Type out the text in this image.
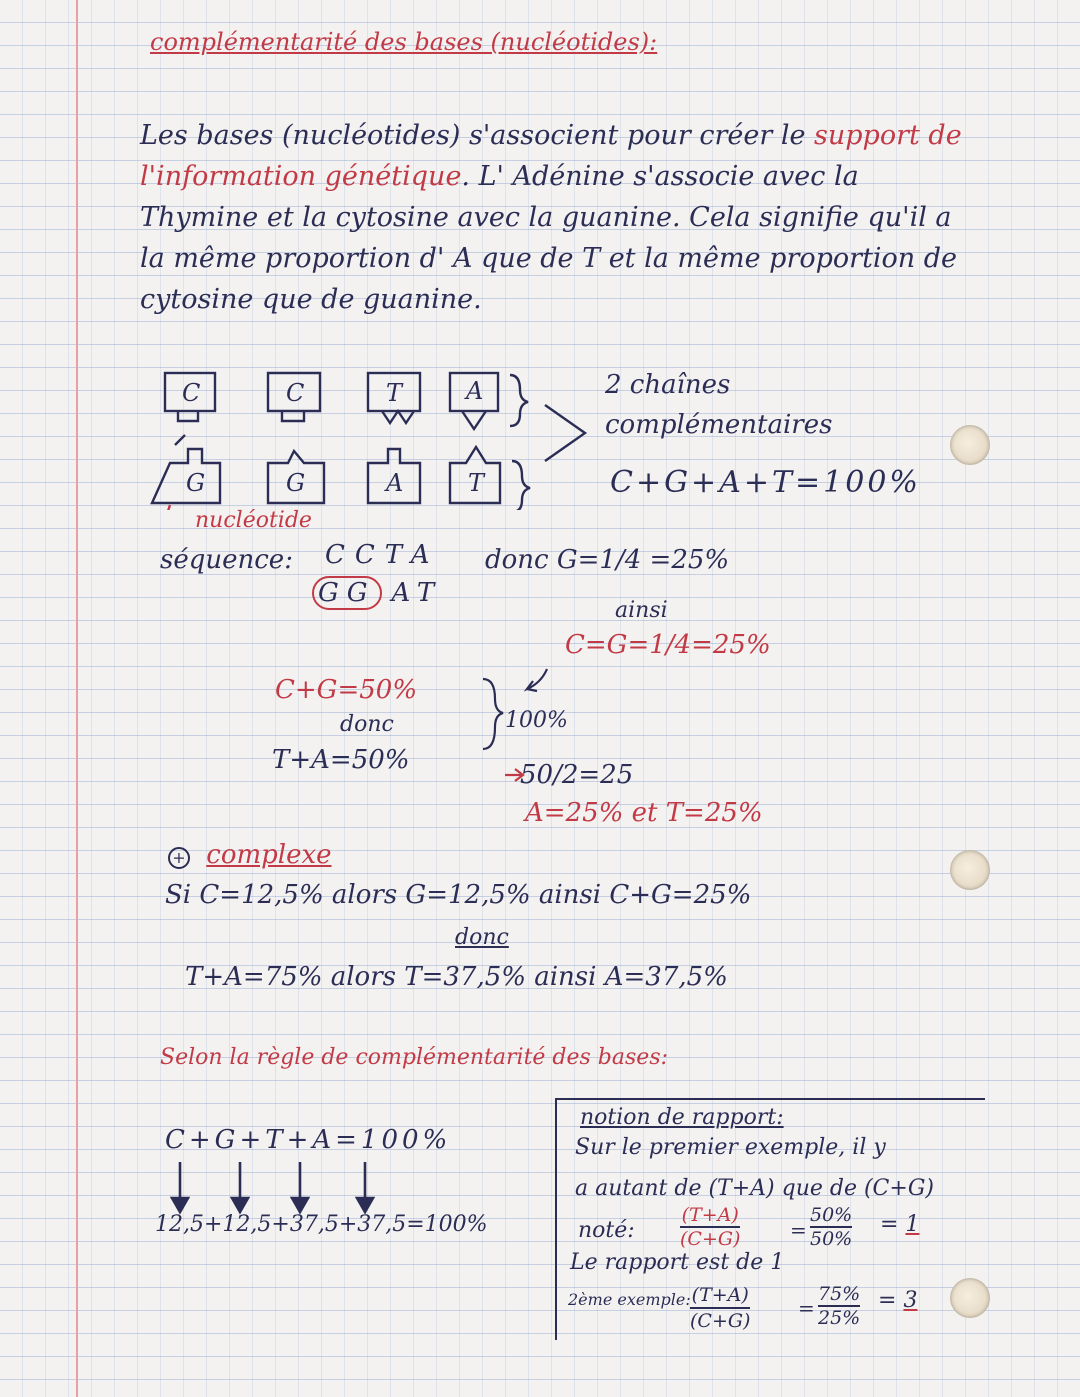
complémentarité des bases (nucléotides):
Les bases (nucléotides) s'associent pour créer le support de l'information génétique. L' Adénine s'associe avec la Thymine et la cytosine avec la guanine. Cela signifie qu'il a la même proportion d' A que de T et la même proportion de cytosine que de guanine.
C	C	T	A
G	G	A	T
2 chaînes
complémentaires
C+G+A+T=100%
nucléotide
séquence: CCTA
GG AT
donc G=1/4 =25%
ainsi
C=G=1/4=25%
C+G=50%
donc
T+A=50%
100%
50/2=25
A=25% et T=25%
+ complexe
Si C=12,5% alors G=12,5% ainsi C+G=25%
donc
T+A=75% alors T=37,5% ainsi A=37,5%
Selon la règle de complémentarité des bases:
C+G+T+A=100%
12,5+12,5+37,5+37,5=100%
notion de rapport:
Sur le premier exemple, il y
a autant de (T+A) que de (C+G)
noté:
(T+A)
(C+G) =
50%
50%
= 1
Le rapport est de 1
2ème exemple: (T+A)
(C+G)
=
75%
25%
= 3
